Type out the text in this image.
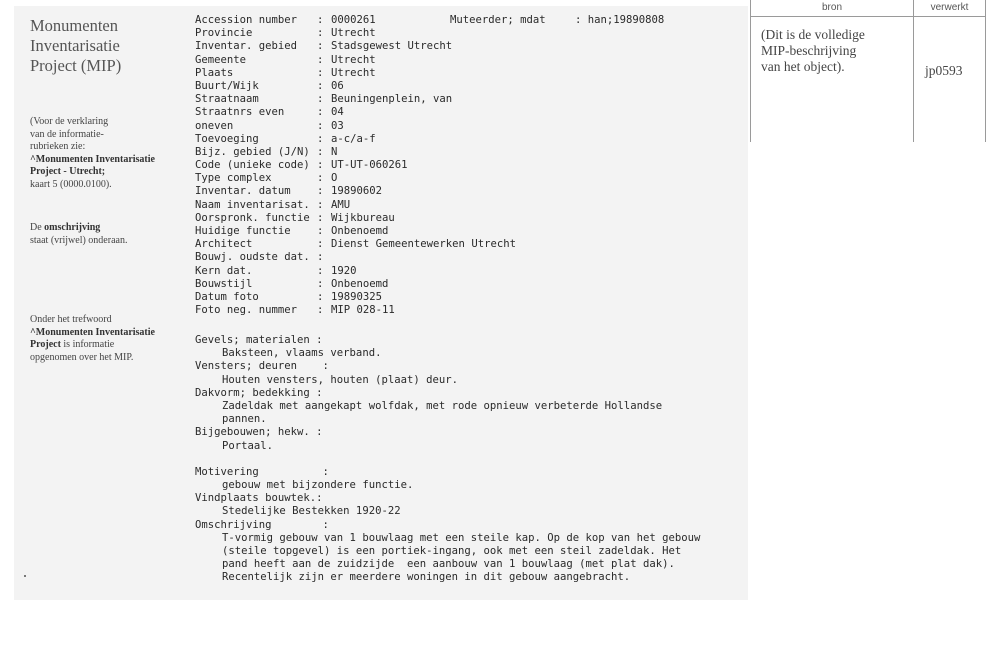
Monumenten
Inventarisatie
Project (MIP)
(Voor de verklaring
van de informatie-
rubrieken zie:
^Monumenten Inventarisatie
Project - Utrecht;
kaart 5 (0000.0100).
De omschrijving
staat (vrijwel) onderaan.
Onder het trefwoord
^Monumenten Inventarisatie
Project is informatie
opgenomen over het MIP.
Accession number : 0000261
Provincie	: Utrecht
Inventar. gebied : Stadsgewest Utrecht
Gemeente	: Utrecht
Plaats	: Utrecht
Buurt/Wijk	: 06
Straatnaam	: Beuningenplein, van
Straatnrs even	: 04
oneven	: 03
Toevoeging	: a-c/a-f
Bijz. gebied (J/N) : N
Code (unieke code) : UT-UT-060261
Type complex	: O
Inventar. datum : 19890602
Naam inventarisat. : AMU
Oorspronk. functie : Wijkbureau
Huidige functie : Onbenoemd
Architect	: Dienst Gemeentewerken Utrecht
Bouwj. oudste dat. :
Kern dat.	: 1920
Bouwstijl	: Onbenoemd
Datum foto	: 19890325
Foto neg. nummer : MIP 028-11
Muteerder; mdat	: han;19890808
Gevels; materialen :
Baksteen, vlaams verband.
Vensters; deuren    :
Houten vensters, houten (plaat) deur.
Dakvorm; bedekking :
Zadeldak met aangekapt wolfdak, met rode opnieuw verbeterde Hollandse
pannen.
Bijgebouwen; hekw. :
Portaal.
Motivering          :
gebouw met bijzondere functie.
Vindplaats bouwtek.:
Stedelijke Bestekken 1920-22
Omschrijving        :
T-vormig gebouw van 1 bouwlaag met een steile kap. Op de kop van het gebouw
(steile topgevel) is een portiek-ingang, ook met een steil zadeldak. Het
pand heeft aan de zuidzijde  een aanbouw van 1 bouwlaag (met plat dak).
Recentelijk zijn er meerdere woningen in dit gebouw aangebracht.
bron	verwerkt
(Dit is de volledige
MIP-beschrijving
van het object).	jp0593
